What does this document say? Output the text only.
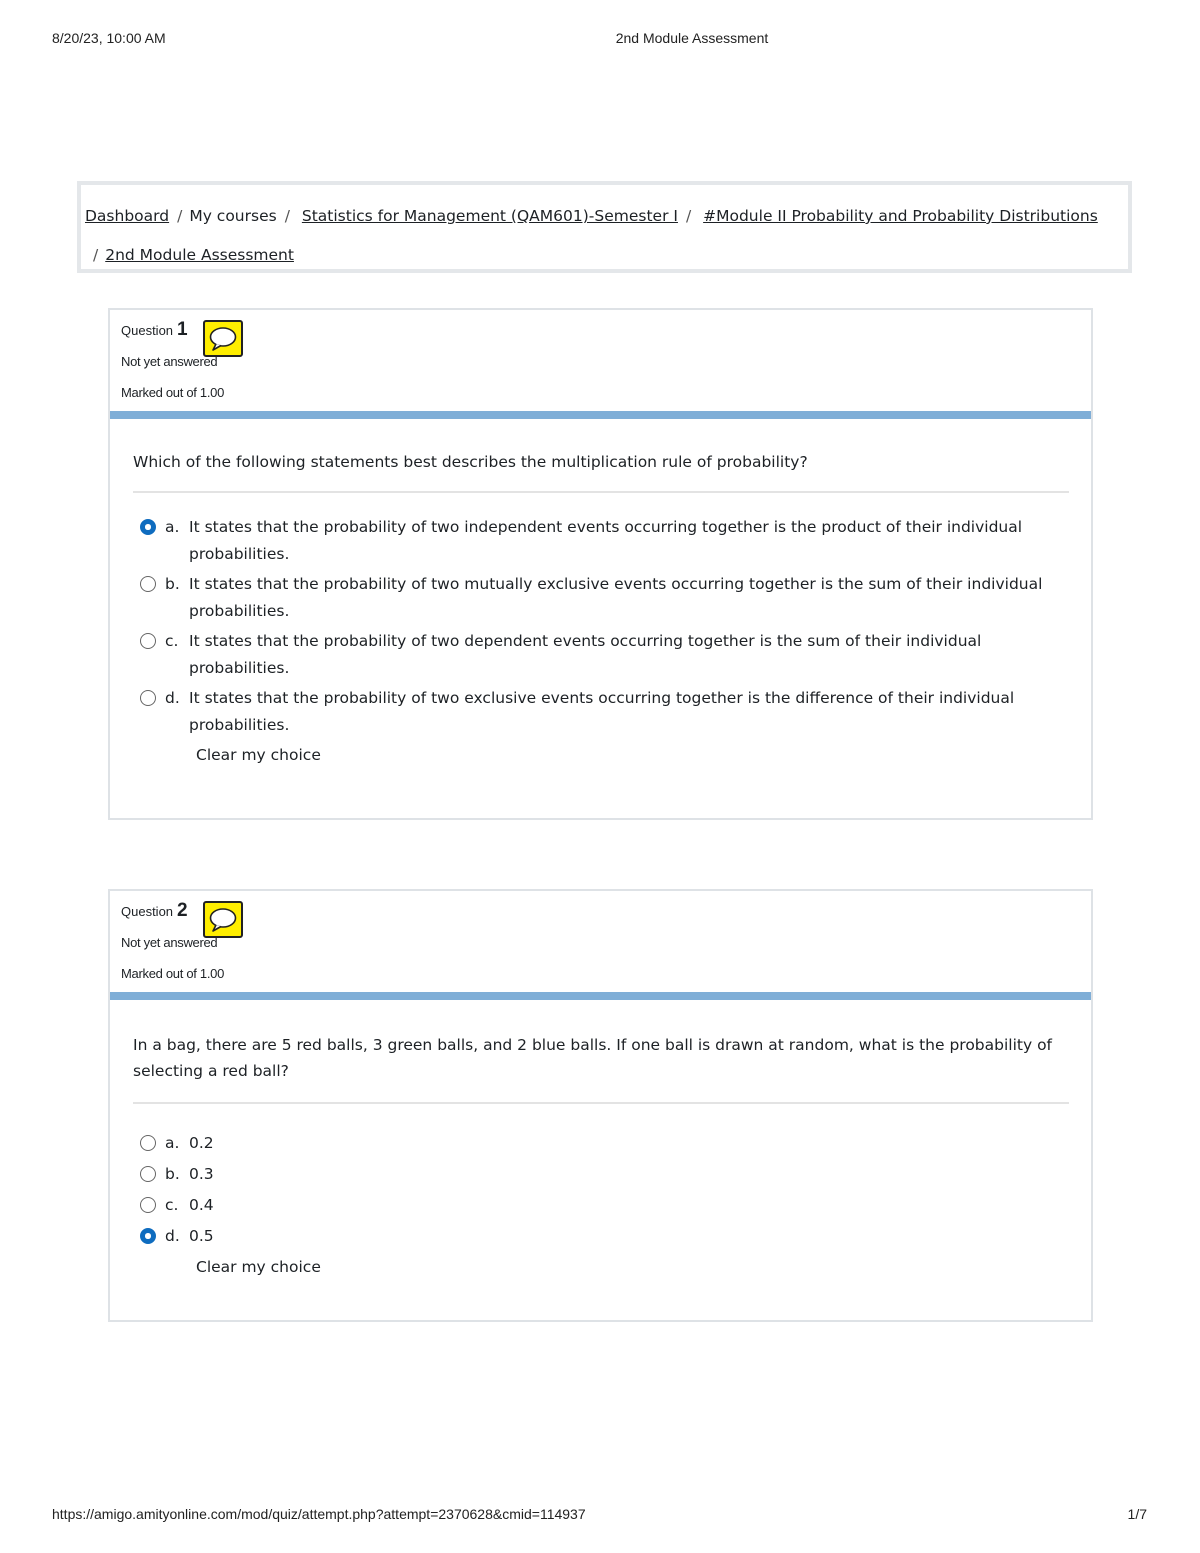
8/20/23, 10:00 AM	2nd Module Assessment
Dashboard / My courses / Statistics for Management (QAM601)-Semester I / #Module II Probability and Probability Distributions
/ 2nd Module Assessment
Question 1
Not yet answered
Marked out of 1.00
Which of the following statements best describes the multiplication rule of probability?
a. It states that the probability of two independent events occurring together is the product of their individual probabilities.
b. It states that the probability of two mutually exclusive events occurring together is the sum of their individual probabilities.
c. It states that the probability of two dependent events occurring together is the sum of their individual probabilities.
d. It states that the probability of two exclusive events occurring together is the difference of their individual probabilities.
Clear my choice
Question 2
Not yet answered
Marked out of 1.00
In a bag, there are 5 red balls, 3 green balls, and 2 blue balls. If one ball is drawn at random, what is the probability of selecting a red ball?
a. 0.2
b. 0.3
c. 0.4
d. 0.5
Clear my choice
https://amigo.amityonline.com/mod/quiz/attempt.php?attempt=2370628&cmid=114937	1/7
